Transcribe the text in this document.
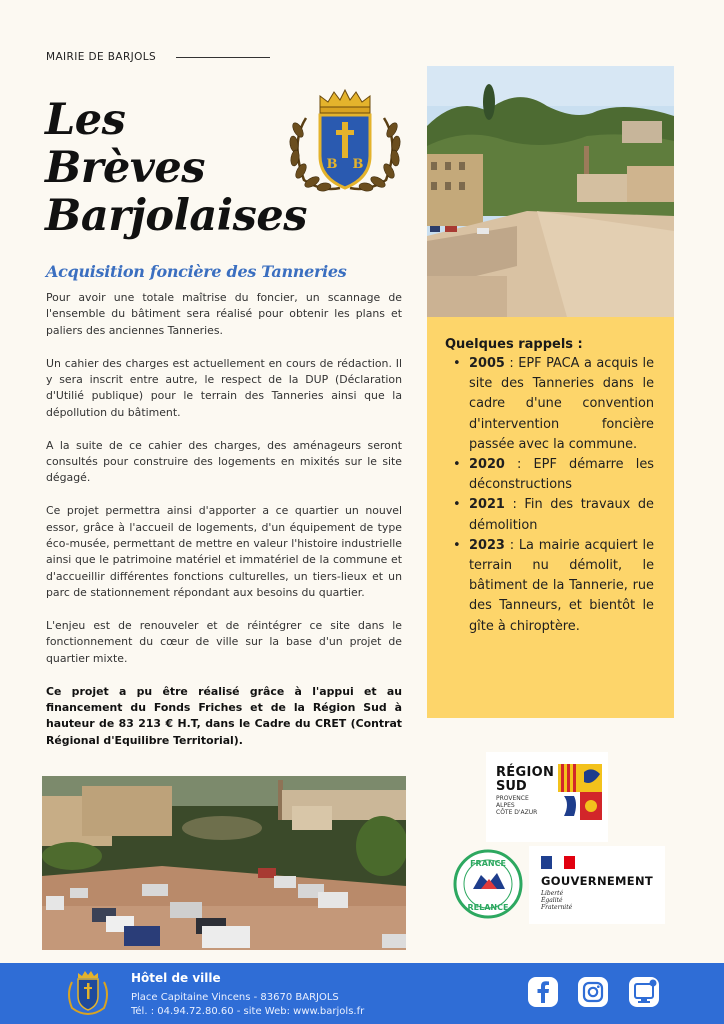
MAIRIE DE BARJOLS
Les
Brèves
Barjolaises
B B
Acquisition foncière des Tanneries

Pour avoir une totale maîtrise du foncier, un scannage de l'ensemble du bâtiment sera réalisé pour obtenir les plans et paliers des anciennes Tanneries.

Un cahier des charges est actuellement en cours de rédaction. Il y sera inscrit entre autre, le respect de la DUP (Déclaration d'Utilié publique) pour le terrain des Tanneries ainsi que la dépollution du bâtiment.

A la suite de ce cahier des charges, des aménageurs seront consultés pour construire des logements en mixités sur le site dégagé.

Ce projet permettra ainsi d'apporter a ce quartier un nouvel essor, grâce à l'accueil de logements, d'un équipement de type éco-musée, permettant de mettre en valeur l'histoire industrielle ainsi que le patrimoine matériel et immatériel de la commune et d'accueillir différentes fonctions culturelles, un tiers-lieux et un parc de stationnement répondant aux besoins du quartier.

L'enjeu est de renouveler et de réintégrer ce site dans le fonctionnement du cœur de ville sur la base d'un projet de quartier mixte.

Ce projet a pu être réalisé grâce à l'appui et au financement du Fonds Friches et de la Région Sud à hauteur de 83 213 € H.T, dans le Cadre du CRET (Contrat Régional d'Equilibre Territorial).

Quelques rappels :
• 2005 : EPF PACA a acquis le site des Tanneries dans le cadre d'une convention d'intervention foncière passée avec la commune.
• 2020 : EPF démarre les déconstructions
• 2021 : Fin des travaux de démolition
• 2023 : La mairie acquiert le terrain nu démolit, le bâtiment de la Tannerie, rue des Tanneurs, et bientôt le gîte à chiroptère.
RÉGION
SUD
PROVENCE
ALPES
CÔTE D'AZUR
FRANCE
RELANCE
GOUVERNEMENT
Liberté
Égalité
Fraternité
Hôtel de ville
Place Capitaine Vincens - 83670 BARJOLS
Tél. : 04.94.72.80.60 - site Web: www.barjols.fr
